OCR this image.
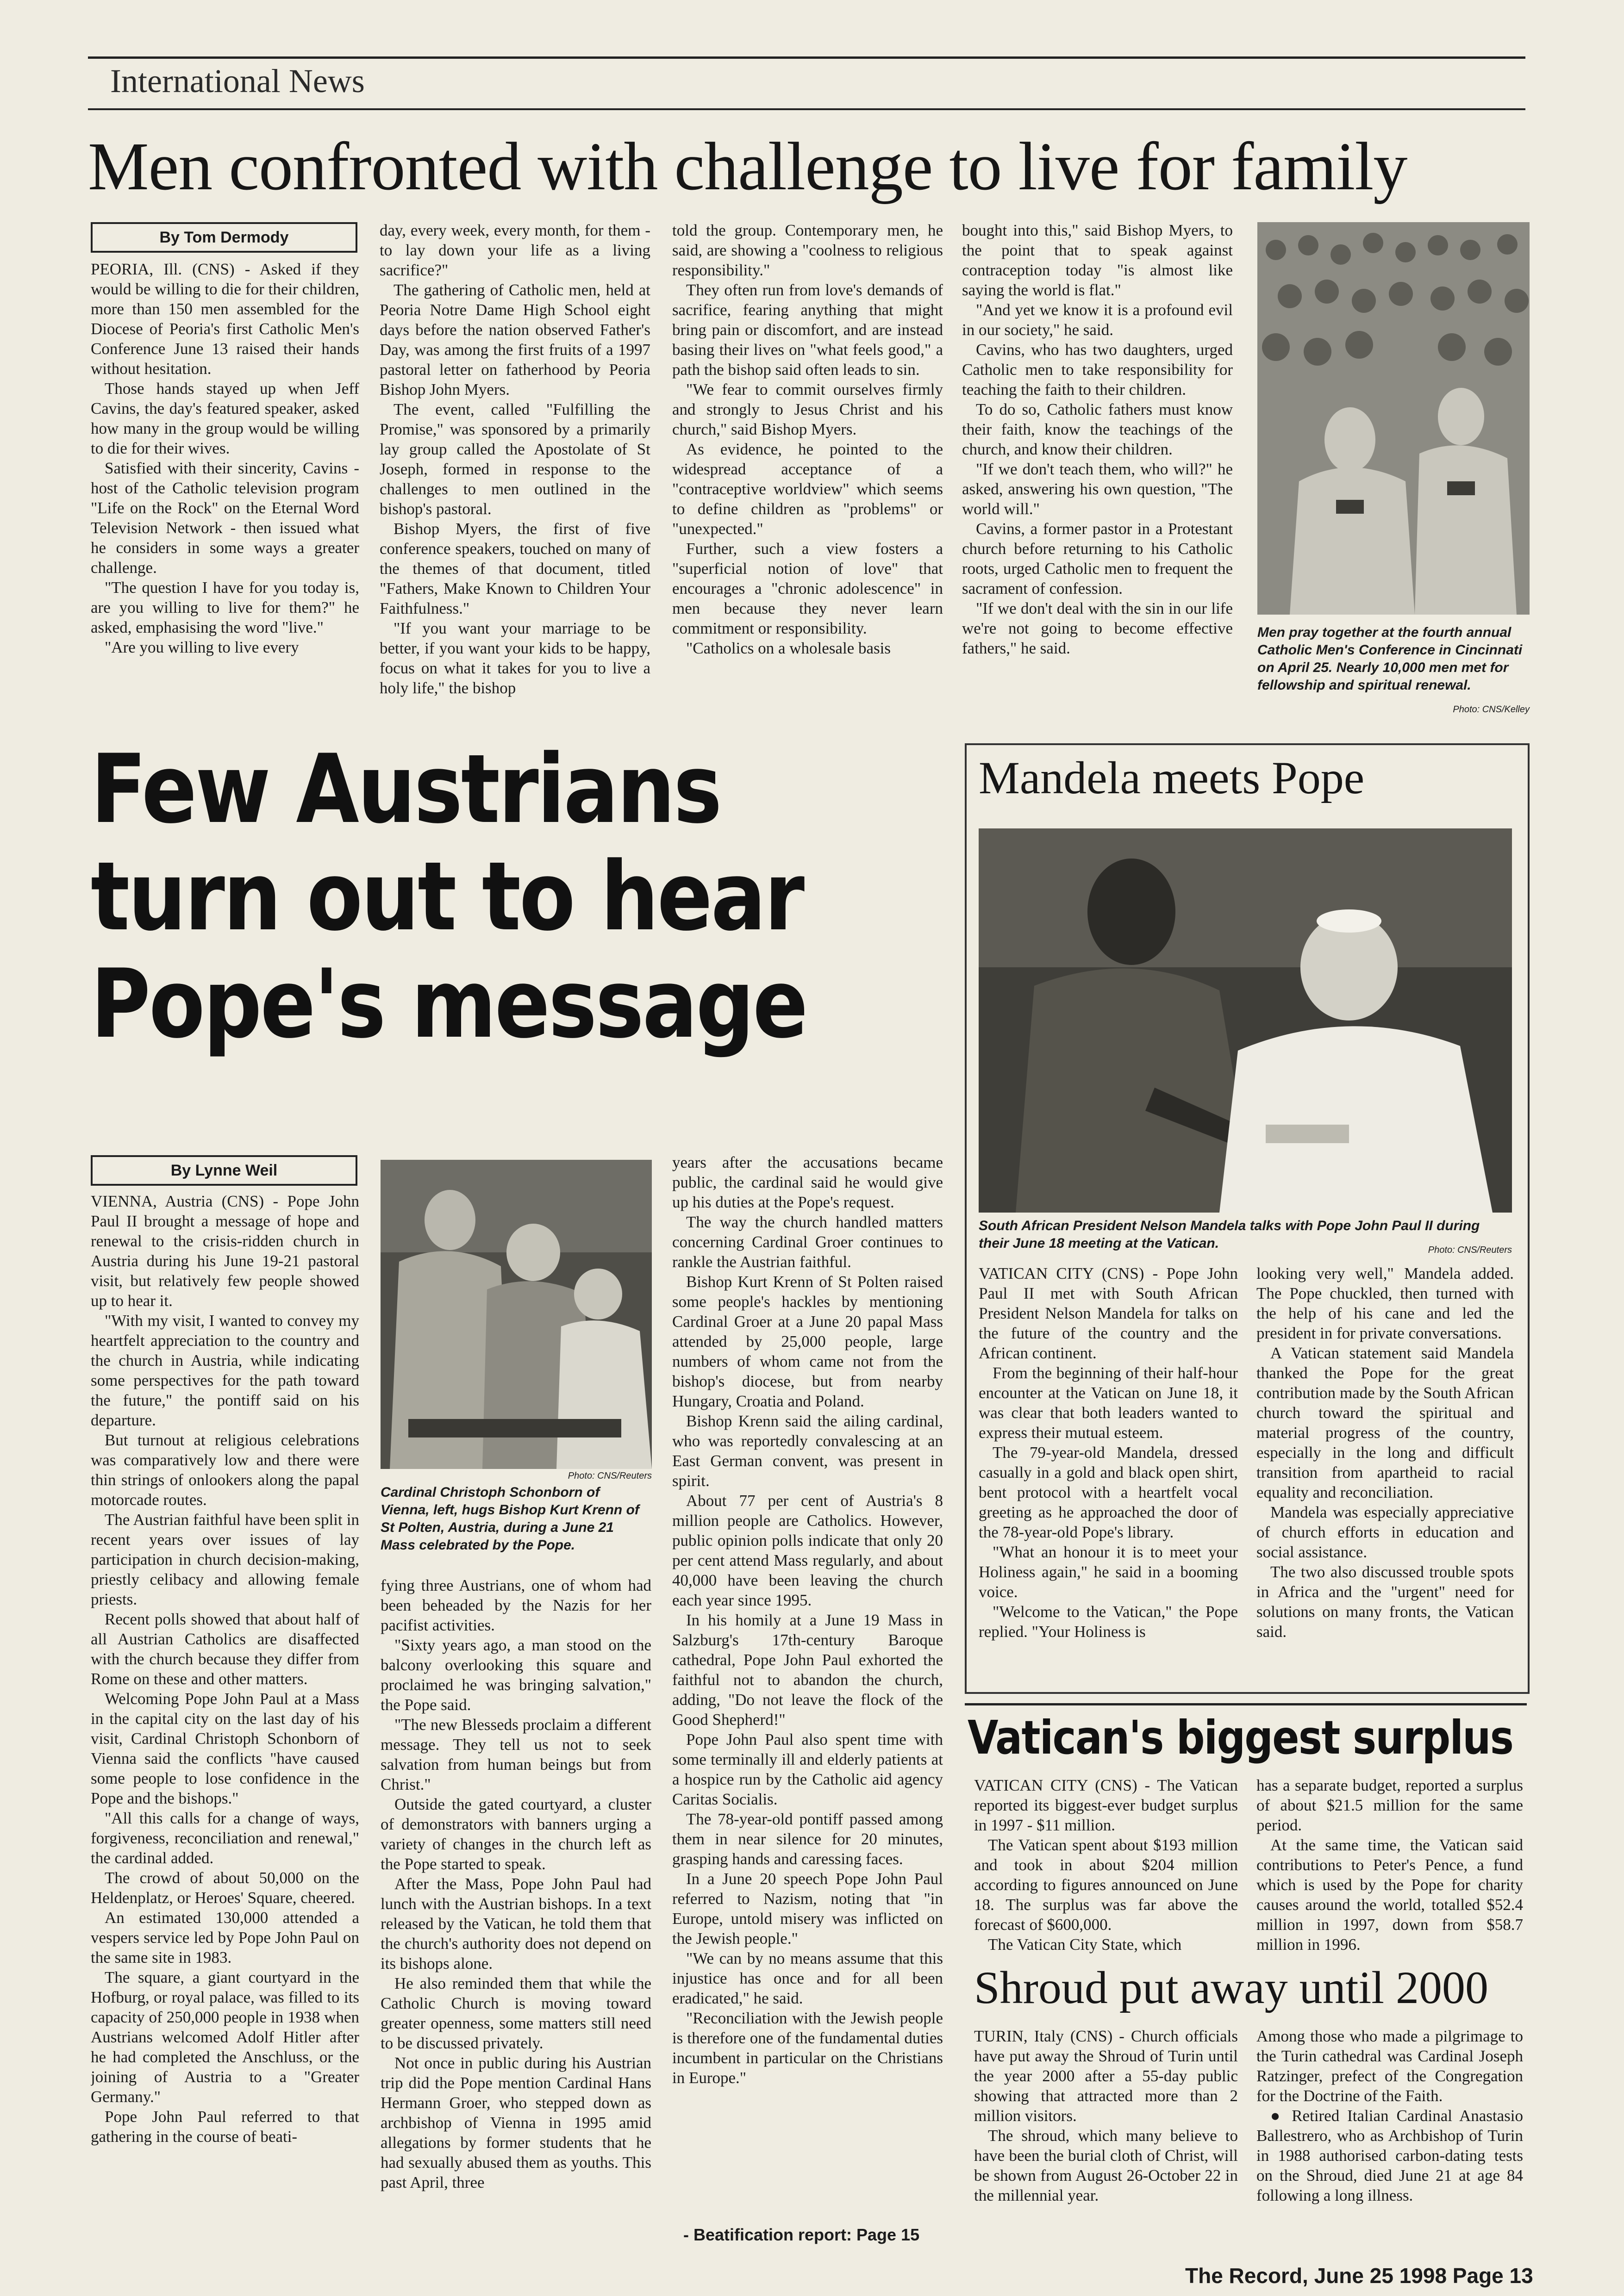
International News
Men confronted with challenge to live for family
By Tom Dermody

PEORIA, Ill. (CNS) - Asked if they would be willing to die for their children, more than 150 men assembled for the Diocese of Peoria's first Catholic Men's Conference June 13 raised their hands without hesitation.

Those hands stayed up when Jeff Cavins, the day's featured speaker, asked how many in the group would be willing to die for their wives.

Satisfied with their sincerity, Cavins - host of the Catholic television program "Life on the Rock" on the Eternal Word Television Network - then issued what he considers in some ways a greater challenge.

"The question I have for you today is, are you willing to live for them?" he asked, emphasising the word "live."

"Are you willing to live every

day, every week, every month, for them - to lay down your life as a living sacrifice?"

The gathering of Catholic men, held at Peoria Notre Dame High School eight days before the nation observed Father's Day, was among the first fruits of a 1997 pastoral letter on fatherhood by Peoria Bishop John Myers.

The event, called "Fulfilling the Promise," was sponsored by a primarily lay group called the Apostolate of St Joseph, formed in response to the challenges to men outlined in the bishop's pastoral.

Bishop Myers, the first of five conference speakers, touched on many of the themes of that document, titled "Fathers, Make Known to Children Your Faithfulness."

"If you want your marriage to be better, if you want your kids to be happy, focus on what it takes for you to live a holy life," the bishop

told the group. Contemporary men, he said, are showing a "coolness to religious responsibility."

They often run from love's demands of sacrifice, fearing anything that might bring pain or discomfort, and are instead basing their lives on "what feels good," a path the bishop said often leads to sin.

"We fear to commit ourselves firmly and strongly to Jesus Christ and his church," said Bishop Myers.

As evidence, he pointed to the widespread acceptance of a "contraceptive worldview" which seems to define children as "problems" or "unexpected."

Further, such a view fosters a "superficial notion of love" that encourages a "chronic adolescence" in men because they never learn commitment or responsibility.

"Catholics on a wholesale basis

bought into this," said Bishop Myers, to the point that to speak against contraception today "is almost like saying the world is flat."

"And yet we know it is a profound evil in our society," he said.

Cavins, who has two daughters, urged Catholic men to take responsibility for teaching the faith to their children.

To do so, Catholic fathers must know their faith, know the teachings of the church, and know their children.

"If we don't teach them, who will?" he asked, answering his own question, "The world will."

Cavins, a former pastor in a Protestant church before returning to his Catholic roots, urged Catholic men to frequent the sacrament of confession.

"If we don't deal with the sin in our life we're not going to become effective fathers," he said.

Men pray together at the fourth annual Catholic Men's Conference in Cincinnati on April 25. Nearly 10,000 men met for fellowship and spiritual renewal.
Photo: CNS/Kelley
Few Austrians
turn out to hear
Pope's message
By Lynne Weil

VIENNA, Austria (CNS) - Pope John Paul II brought a message of hope and renewal to the crisis-ridden church in Austria during his June 19-21 pastoral visit, but relatively few people showed up to hear it.

"With my visit, I wanted to convey my heartfelt appreciation to the country and the church in Austria, while indicating some perspectives for the path toward the future," the pontiff said on his departure.

But turnout at religious celebrations was comparatively low and there were thin strings of onlookers along the papal motorcade routes.

The Austrian faithful have been split in recent years over issues of lay participation in church decision-making, priestly celibacy and allowing female priests.

Recent polls showed that about half of all Austrian Catholics are disaffected with the church because they differ from Rome on these and other matters.

Welcoming Pope John Paul at a Mass in the capital city on the last day of his visit, Cardinal Christoph Schonborn of Vienna said the conflicts "have caused some people to lose confidence in the Pope and the bishops."

"All this calls for a change of ways, forgiveness, reconciliation and renewal," the cardinal added.

The crowd of about 50,000 on the Heldenplatz, or Heroes' Square, cheered.

An estimated 130,000 attended a vespers service led by Pope John Paul on the same site in 1983.

The square, a giant courtyard in the Hofburg, or royal palace, was filled to its capacity of 250,000 people in 1938 when Austrians welcomed Adolf Hitler after he had completed the Anschluss, or the joining of Austria to a "Greater Germany."

Pope John Paul referred to that gathering in the course of beati-

Photo: CNS/Reuters
Cardinal Christoph Schonborn of Vienna, left, hugs Bishop Kurt Krenn of St Polten, Austria, during a June 21 Mass celebrated by the Pope.

fying three Austrians, one of whom had been beheaded by the Nazis for her pacifist activities.

"Sixty years ago, a man stood on the balcony overlooking this square and proclaimed he was bringing salvation," the Pope said.

"The new Blesseds proclaim a different message. They tell us not to seek salvation from human beings but from Christ."

Outside the gated courtyard, a cluster of demonstrators with banners urging a variety of changes in the church left as the Pope started to speak.

After the Mass, Pope John Paul had lunch with the Austrian bishops. In a text released by the Vatican, he told them that the church's authority does not depend on its bishops alone.

He also reminded them that while the Catholic Church is moving toward greater openness, some matters still need to be discussed privately.

Not once in public during his Austrian trip did the Pope mention Cardinal Hans Hermann Groer, who stepped down as archbishop of Vienna in 1995 amid allegations by former students that he had sexually abused them as youths. This past April, three

years after the accusations became public, the cardinal said he would give up his duties at the Pope's request.

The way the church handled matters concerning Cardinal Groer continues to rankle the Austrian faithful.

Bishop Kurt Krenn of St Polten raised some people's hackles by mentioning Cardinal Groer at a June 20 papal Mass attended by 25,000 people, large numbers of whom came not from the bishop's diocese, but from nearby Hungary, Croatia and Poland.

Bishop Krenn said the ailing cardinal, who was reportedly convalescing at an East German convent, was present in spirit.

About 77 per cent of Austria's 8 million people are Catholics. However, public opinion polls indicate that only 20 per cent attend Mass regularly, and about 40,000 have been leaving the church each year since 1995.

In his homily at a June 19 Mass in Salzburg's 17th-century Baroque cathedral, Pope John Paul exhorted the faithful not to abandon the church, adding, "Do not leave the flock of the Good Shepherd!"

Pope John Paul also spent time with some terminally ill and elderly patients at a hospice run by the Catholic aid agency Caritas Socialis.

The 78-year-old pontiff passed among them in near silence for 20 minutes, grasping hands and caressing faces.

In a June 20 speech Pope John Paul referred to Nazism, noting that "in Europe, untold misery was inflicted on the Jewish people."

"We can by no means assume that this injustice has once and for all been eradicated," he said.

"Reconciliation with the Jewish people is therefore one of the fundamental duties incumbent in particular on the Christians in Europe."

- Beatification report: Page 15
Mandela meets Pope
South African President Nelson Mandela talks with Pope John Paul II during their June 18 meeting at the Vatican.	Photo: CNS/Reuters

VATICAN CITY (CNS) - Pope John Paul II met with South African President Nelson Mandela for talks on the future of the country and the African continent.

From the beginning of their half-hour encounter at the Vatican on June 18, it was clear that both leaders wanted to express their mutual esteem.

The 79-year-old Mandela, dressed casually in a gold and black open shirt, bent protocol with a heartfelt vocal greeting as he approached the door of the 78-year-old Pope's library.

"What an honour it is to meet your Holiness again," he said in a booming voice.

"Welcome to the Vatican," the Pope replied. "Your Holiness is

looking very well," Mandela added. The Pope chuckled, then turned with the help of his cane and led the president in for private conversations.

A Vatican statement said Mandela thanked the Pope for the great contribution made by the South African church toward the spiritual and material progress of the country, especially in the long and difficult transition from apartheid to racial equality and reconciliation.

Mandela was especially appreciative of church efforts in education and social assistance.

The two also discussed trouble spots in Africa and the "urgent" need for solutions on many fronts, the Vatican said.

Vatican's biggest surplus

VATICAN CITY (CNS) - The Vatican reported its biggest-ever budget surplus in 1997 - $11 million.

The Vatican spent about $193 million and took in about $204 million according to figures announced on June 18. The surplus was far above the forecast of $600,000.

The Vatican City State, which

has a separate budget, reported a surplus of about $21.5 million for the same period.

At the same time, the Vatican said contributions to Peter's Pence, a fund which is used by the Pope for charity causes around the world, totalled $52.4 million in 1997, down from $58.7 million in 1996.

Shroud put away until 2000

TURIN, Italy (CNS) - Church officials have put away the Shroud of Turin until the year 2000 after a 55-day public showing that attracted more than 2 million visitors.

The shroud, which many believe to have been the burial cloth of Christ, will be shown from August 26-October 22 in the millennial year.

Among those who made a pilgrimage to the Turin cathedral was Cardinal Joseph Ratzinger, prefect of the Congregation for the Doctrine of the Faith.

● Retired Italian Cardinal Anastasio Ballestrero, who as Archbishop of Turin in 1988 authorised carbon-dating tests on the Shroud, died June 21 at age 84 following a long illness.

The Record, June 25 1998 Page 13
